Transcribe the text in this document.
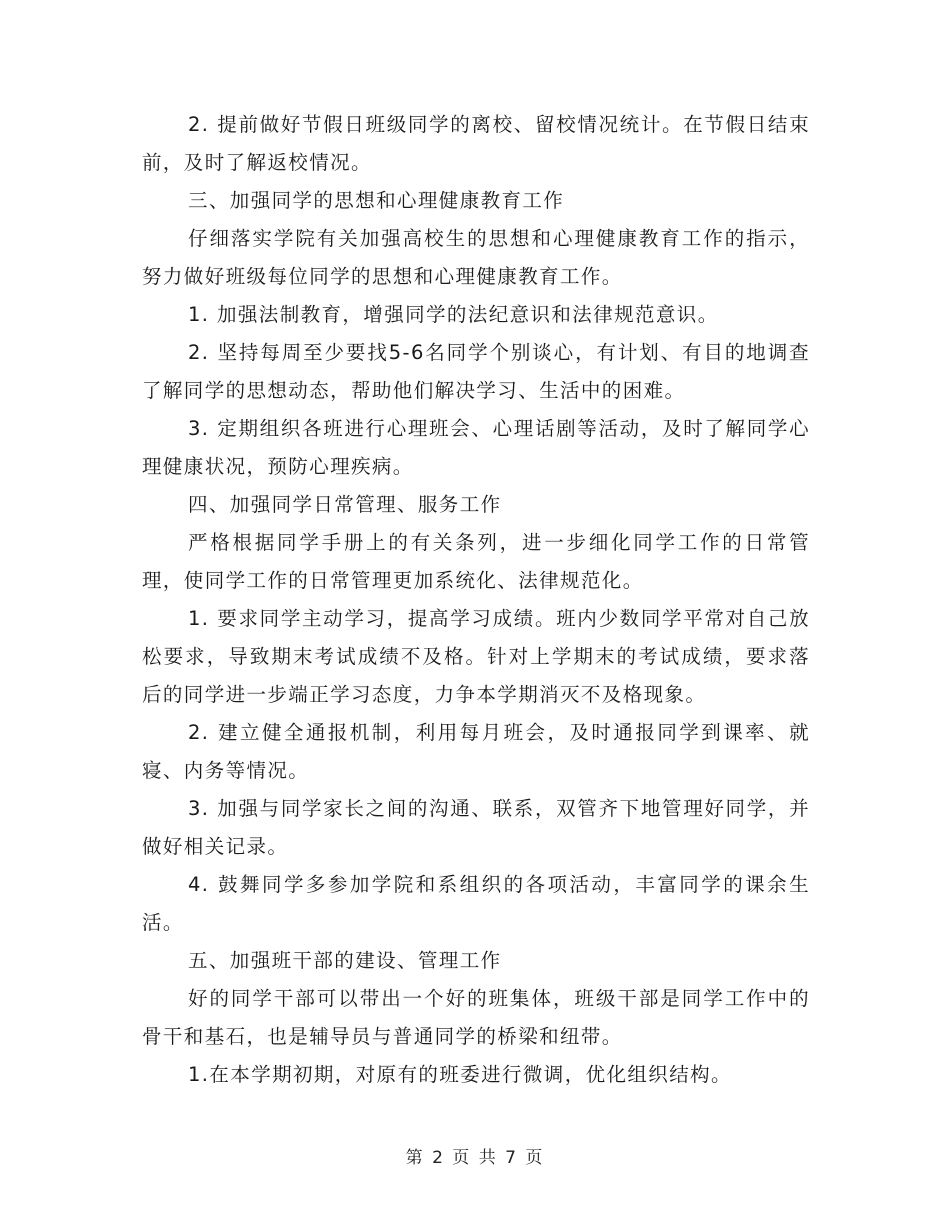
2. 提前做好节假日班级同学的离校、留校情况统计。在节假日结束前，及时了解返校情况。

三、加强同学的思想和心理健康教育工作

仔细落实学院有关加强高校生的思想和心理健康教育工作的指示，努力做好班级每位同学的思想和心理健康教育工作。

1. 加强法制教育，增强同学的法纪意识和法律规范意识。

2. 坚持每周至少要找5-6名同学个别谈心，有计划、有目的地调查了解同学的思想动态，帮助他们解决学习、生活中的困难。

3. 定期组织各班进行心理班会、心理话剧等活动，及时了解同学心理健康状况，预防心理疾病。

四、加强同学日常管理、服务工作

严格根据同学手册上的有关条列，进一步细化同学工作的日常管理，使同学工作的日常管理更加系统化、法律规范化。

1. 要求同学主动学习，提高学习成绩。班内少数同学平常对自己放松要求，导致期末考试成绩不及格。针对上学期末的考试成绩，要求落后的同学进一步端正学习态度，力争本学期消灭不及格现象。

2. 建立健全通报机制，利用每月班会，及时通报同学到课率、就寝、内务等情况。

3. 加强与同学家长之间的沟通、联系，双管齐下地管理好同学，并做好相关记录。

4. 鼓舞同学多参加学院和系组织的各项活动，丰富同学的课余生活。

五、加强班干部的建设、管理工作

好的同学干部可以带出一个好的班集体，班级干部是同学工作中的骨干和基石，也是辅导员与普通同学的桥梁和纽带。

1.在本学期初期，对原有的班委进行微调，优化组织结构。

第 2 页 共 7 页
